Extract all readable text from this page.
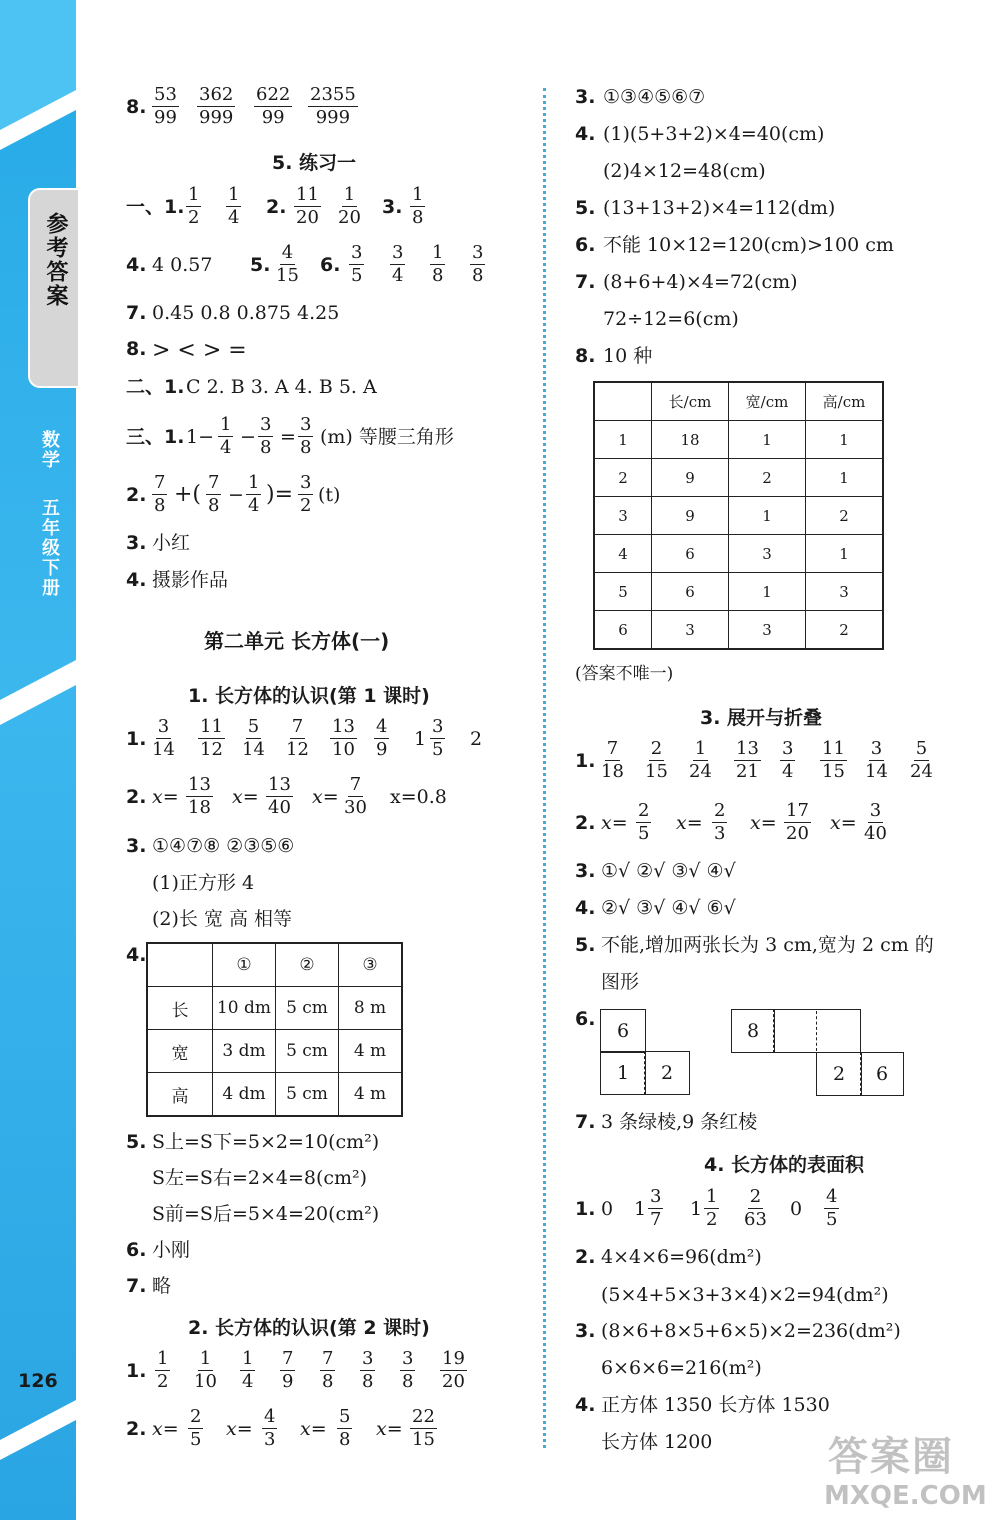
参考答案
数学
五年级下册
126
8.
53
99
362
999
622
99
2355
999
5. 练习一
一、1.
1
2
1
4 2.
11
20
1
20 3.
1
8
4. 4 0.57 5.
4
15 6.
3
5
3
4
1
8
3
8
7. 0.45 0.8 0.875 4.25
8. > < > =
二、1. C 2. B 3. A 4. B 5. A
三、1. 1−
1
4 −
3
8 =
3
8 (m) 等腰三角形
2.
7
8 +( 7
8 −
1
4 )= 3
2 (t)
3. 小红
4. 摄影作品
第二单元 长方体(一)
1. 长方体的认识(第 1 课时)
1.
3
14
11
12
5
14
7
12
13
10
4
9 1
3
5 2
2. x=
13
18 x=
13
40 x=
7
30 x=0.8
3. ①④⑦⑧ ②③⑤⑥
(1)正方形 4
(2)长 宽 高 相等
4.
		①	②	③
长	10 dm	5 cm	8 m
宽	3 dm	5 cm	4 m
高	4 dm	5 cm	4 m
5. S上=S下=5×2=10(cm²)
S左=S右=2×4=8(cm²)
S前=S后=5×4=20(cm²)
6. 小刚
7. 略
2. 长方体的认识(第 2 课时)
1.
1
2
1
10
1
4
7
9
7
8
3
8
3
8
19
20
2. x=
2
5 x=
4
3 x=
5
8 x=
22
15
3. ①③④⑤⑥⑦
4. (1)(5+3+2)×4=40(cm)
(2)4×12=48(cm)
5. (13+13+2)×4=112(dm)
6. 不能 10×12=120(cm)>100 cm
7. (8+6+4)×4=72(cm)
72÷12=6(cm)
8. 10 种
	长/cm	宽/cm	高/cm
1	18	1	1
2	9	2	1
3	9	1	2
4	6	3	1
5	6	1	3
6	3	3	2
(答案不唯一)
3. 展开与折叠
1.
7
18
2
15
1
24
13
21
3
4
11
15
3
14
5
24
2. x=
2
5 x=
2
3 x=
17
20 x=
3
40
3. ①√ ②√ ③√ ④√
4. ②√ ③√ ④√ ⑥√
5. 不能,增加两张长为 3 cm,宽为 2 cm 的
图形
6.
6
1	2
8
2	6
7. 3 条绿棱,9 条红棱
4. 长方体的表面积
1. 0 1
3
7 1
1
2
2
63 0
4
5
2. 4×4×6=96(dm²)
(5×4+5×3+3×4)×2=94(dm²)
3. (8×6+8×5+6×5)×2=236(dm²)
6×6×6=216(m²)
4. 正方体 1350 长方体 1530
长方体 1200	答案圈
MXQE.COM
